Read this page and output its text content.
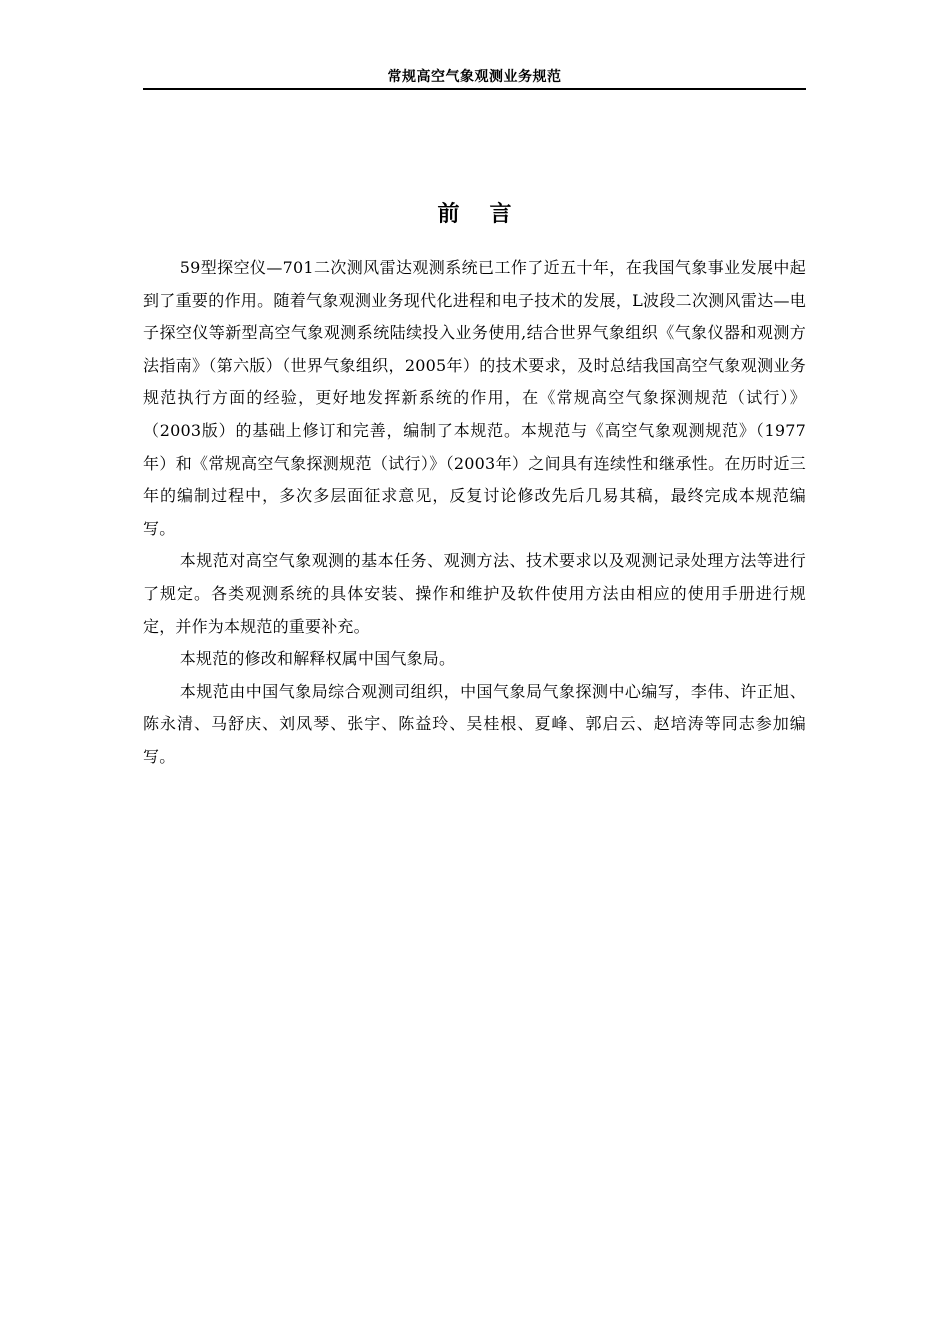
常规高空气象观测业务规范
前言

59型探空仪—701二次测风雷达观测系统已工作了近五十年，在我国气象事业发展中起到了重要的作用。随着气象观测业务现代化进程和电子技术的发展，L波段二次测风雷达—电子探空仪等新型高空气象观测系统陆续投入业务使用,结合世界气象组织《气象仪器和观测方法指南》（第六版）（世界气象组织，2005年）的技术要求，及时总结我国高空气象观测业务规范执行方面的经验，更好地发挥新系统的作用，在《常规高空气象探测规范（试行）》（2003版）的基础上修订和完善，编制了本规范。本规范与《高空气象观测规范》（1977年）和《常规高空气象探测规范（试行）》（2003年）之间具有连续性和继承性。在历时近三年的编制过程中，多次多层面征求意见，反复讨论修改先后几易其稿，最终完成本规范编写。

本规范对高空气象观测的基本任务、观测方法、技术要求以及观测记录处理方法等进行了规定。各类观测系统的具体安装、操作和维护及软件使用方法由相应的使用手册进行规定，并作为本规范的重要补充。

本规范的修改和解释权属中国气象局。

本规范由中国气象局综合观测司组织，中国气象局气象探测中心编写，李伟、许正旭、陈永清、马舒庆、刘凤琴、张宇、陈益玲、吴桂根、夏峰、郭启云、赵培涛等同志参加编写。
